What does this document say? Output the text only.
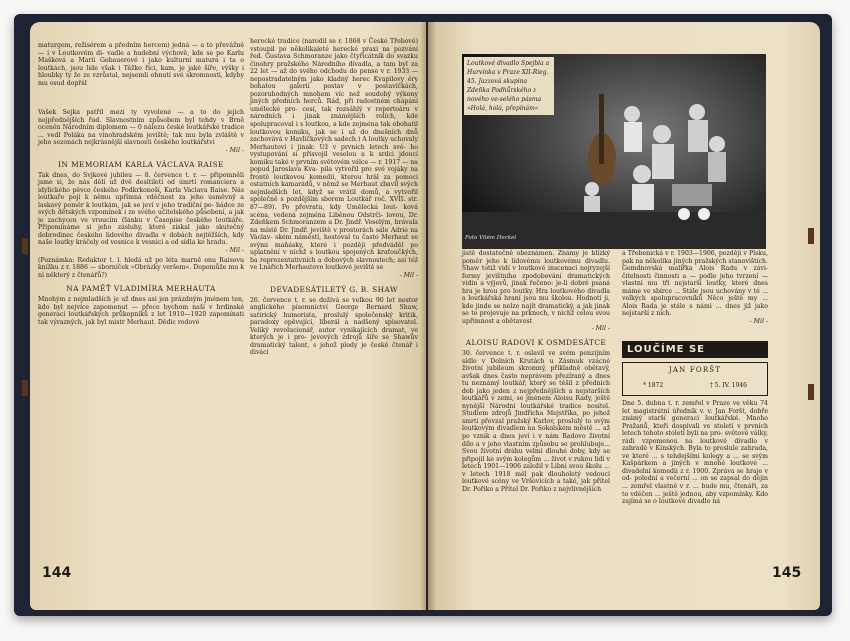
maturgem, režisérem a předním hercem) jedná — a to převážně — i v Loutkovém di- vadle a hudební výchově, kde se po Karlu Mašková a Marii Gebauerové i jako kulturní matura i ta o loutkách, jsou lide však i Těžko říci, kam, je jaké šíře, výšky i hloubky ty že ze vzrůstal, nejsemli ohnutí své skromnosti, kdyby mu osud dopřál

Vašek Sejka patřil mezi ty vyvolené — a to do jejich nejpřednějších řad. Slavnostním způsobem byl tehdy v Brně oceněn Národním diplomem — 0 nálezu české loutkářské tradice ... vedl Poláka na vinohradském jeviště; tak mu byla zvláště v jeho sezonách nejkrásnější slavnosti českého loutkářství

- Mil -

IN MEMORIAM KARLA VÁCLAVA RAISE

Tak dnes, do Svjkové jubileu — 8. července t. r. — připomněli jsme si, že nás dělí už dvě desítiletí od úmrtí romanciera a idylického pěvce českého Podkrkonoší, Karla Václava Raise. Nás loutkaře pojí k němu upřímná vděčnost za jeho úsměvný a laskavý poměr k loutkám, jak se jeví v jeho tradiční po- hádce ze svých dětských vzpomínek i ze svého učitelského působení, a jak je zachycen ve vroucím článku v Časopise českého loutkáře. Připomínáme si jeho zásluhy, které získal jako skutečný dobrodinec českého lidového divadla v dobách nejtěžších, kdy naše loutky kráčely od vesnice k vesnici a od sídla ke hradu.

- Mil -

(Poznámka: Redaktor t. l. hledá už po léta marně onu Raisovu knížku z r. 1886 — sborníček »Obrázky veršem«. Dopomůže mu k ní některý z čtenářů?)

NA PAMĚŤ VLADIMÍRA MERHAUTA

Mnohým z nejmladších je už dnes asi jen prázdným jménem ten, kdo byl nejvíce zapomenut — přece bychom naší v hrdinské generaci loutkářských průkopníků z let 1910—1920 zapomínati tak výrazných, jak byl mistr Merhaut. Dědic rodové

herecké tradice (narodil se r. 1868 v České Třebové) vstoupil po několikaleté herecké praxi na pozvání řed. Gustava Schmoranze jako čtyřicátník do svazku činohry pražského Národního divadla, a tam byl za 22 let — až do svého odchodu do pense v r. 1933 — nepostradatelným jako kladný herec Kvapilovy éry bohatou galerií postav v postavičkách, pozoruhodných mnohem víc než soudobý výkony jiných předních herců. Rád, při radostném chápání umělecké pro- cesí, tak rozsáhlý v repertoáru v národních i jinak známějších rolích, kde spolupracoval i s loutkou, a kde zejména tak obohatil loutkovou komiku, jak se i až do dnešních dnů zachovává v Havlíčkových sadech.) A loutky uchovaly Merhautovi i jinak: Už v prvních letech své- ho vystupování si přisvojil veselou a k srdci jdoucí komiku také v prvním světovém válce — r. 1917 — na popud Jaroslava Kva- pila vytvořil pro své vojáky na frontě loutkovou komedii, kterou hrál za pomoci ostatních kamarádů, v němž se Merhaut zbavil svých nejmladších let, když se vrátil domů, a vytvořil společně s pozdějším sborem Loutkář roč. XVII. str. 87—89). Po převratu, kdy Umělecká lout- ková scéna, vedená zejména Liběnou Odstrči- lovou, Dr. Zdeňkem Schmoranzem a Dr. Jindř. Veselým, hrávala na místě Dr. Jindř. jeviště v prostorách sále Adrie na Václav- ském náměstí, hostoval tu často Merhaut se svými maňásky, které i později předváděl po uplatnění v nichž s loutkou spojených kraťoučkých, ba reprezentativních a dobových slavnostech; asi též ve Lnářích Merhautovo loutkové jeviště se

- Mil -

DEVADESÁTILETÝ G. B. SHAW

26. července t. r. se dožívá se velkou 90 let nestor anglického písemnictví George Bernard Shaw, satirický humorista, proslulý společenský kritik, paradoxy opěvující, liberál a nadšený spisovatel. Veliký revolucionář, autor vynikajících dramat, ve kterých je i pro- jevových zdrojů šíře se Shawův dramatický talent, s jehož plody je české čtenář i diváci

144

jistě dostatečně obeznámen. Známy je blízký poměr jeho k lidovému loutkovému divadlu. Shaw totiž vidí v loutkové inscenaci nejryzejší formy jevištního zpodobování dramatických vidin a výjevů, jinak řečeno: je-li dobré psaná hra je hrou pro loutky. Hra loutkového divadla a loutkářská hraní jsou mu školou. Hodnotí ji, kde jinde se nelze najít dramatický, a jak jinak se to projevuje na prknech, v nichž celou svou upřímnost a obětavost

- Mil -

ALOISU RADOVI K OSMDESÁTCE

30. července t. r. oslavil ve svém penzijním sídle v Dolních Krutách u Zásmuk vzácné životní jubileum skromný, příkladně obětavý, avšak dnes často neprávem přezíraný a dnes tu neznámý loutkář, který se těšil z předních dob jako jeden z nejpřednějších a nejstarších loutkářů v zemi, se jménem Aloisu Rady, ještě nynější Národní loutkářské tradice nositel. Studiem zdrojů Jindřicha Mejstříka, po jehož smrti převzal pražský Karlov, proslulý to svým loutkovým divadlem na Sokolském městě ... až po vznik a dnes jeví i v nám Radovo životní dílo a v jeho vlastním způsobu se prohlubuje... Svou životní dráhu velmi dlouhé doby, kdy se připojil ke svým kolegům ... život v rukou lidí v letech 1901—1906 založil v Libni svou školu ... v letech 1918 měl pak dlouholetý vedoucí loutkové scény ve Vršovicích a také, jak přítel Dr. Pořiko a Přítel Dr. Pořiko z nejvlivnějších

a Třebenická v r. 1903—1906, později v Písku, pak na několika jiných pražských stanovištích. Gemdnovská malířka Alois Radu v závi- čitelnosti činnosti a — podle jeho tvrzení — vlastní mu tři nejstarší loutky, které dnes máme ve sbírce ... Stále jsou uchovány v té ... velkých spolupracovníků Něco ještě my ... Alois Rada je stále s námi ... dnes již jako nejstarší z nich.

- Mil -

Dne 5. dubna t. r. zemřel v Praze ve věku 74 let magistrátní úředník v. v. Jan Foršt, dobře známý starší generaci loutkářské. Mnoho Pražanů, kteří dospívali ve století v prvních letech tohoto století byli na pro- světové války, rádi vzpomenou na loutkové divadlo v zahradě v Kinských. Byla to proslule zahrada, ve které ... s tehdejšími kolegy a ... se svým Kašpárkem a jiných v mnohé loutkové ... divadelní komedii z r. 1900. Zpráva se hraje v od- polední a večerní ... on se zapsal do dějin ... zemřel vlastně v r. ... bude mu, čtenáři, za to vděčen ... ještě jednou, aby vzpomínky. Kdo zajímá se o loutkové divadlo ná

145
Loutkové divadlo Spejbla a Hurvínka v Praze XII-Rieg. 45. Jazzová skupina Zdeňka Podhůrského z nového ve-selého pásma »Holá, holá, přepínám«
Foto Vilém Heckel
LOUČÍME SE
JAN FORŠT
* 1872	† 5. IV. 1946
